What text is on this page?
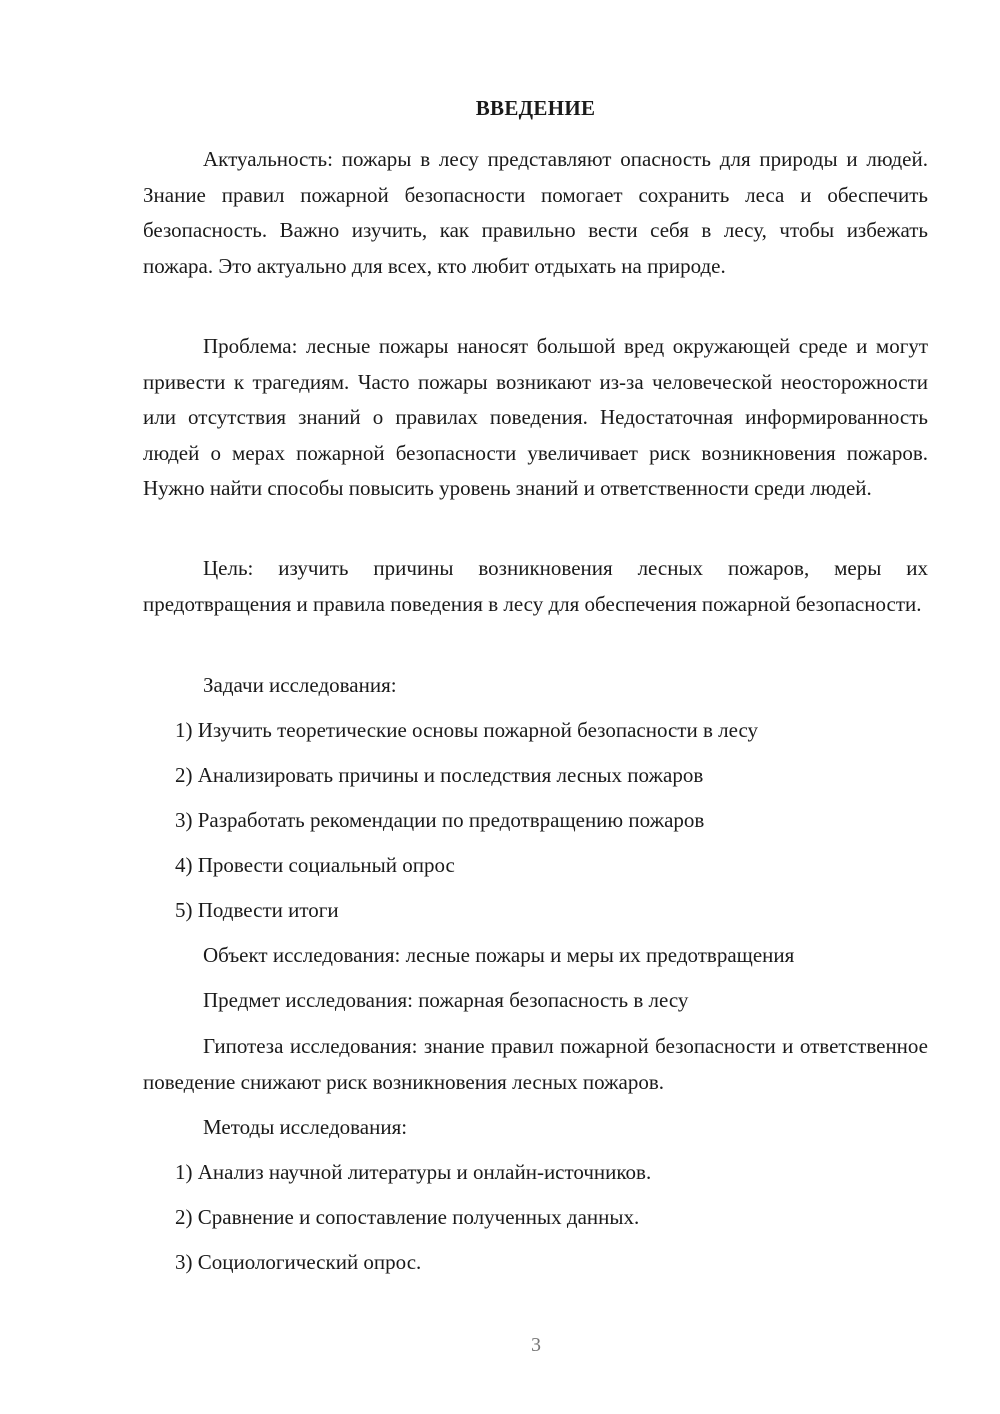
ВВЕДЕНИЕ

Актуальность: пожары в лесу представляют опасность для природы и людей. Знание правил пожарной безопасности помогает сохранить леса и обеспечить безопасность. Важно изучить, как правильно вести себя в лесу, чтобы избежать пожара. Это актуально для всех, кто любит отдыхать на природе.

Проблема: лесные пожары наносят большой вред окружающей среде и могут привести к трагедиям. Часто пожары возникают из-за человеческой неосторожности или отсутствия знаний о правилах поведения. Недостаточная информированность людей о мерах пожарной безопасности увеличивает риск возникновения пожаров. Нужно найти способы повысить уровень знаний и ответственности среди людей.

Цель: изучить причины возникновения лесных пожаров, меры их предотвращения и правила поведения в лесу для обеспечения пожарной безопасности.

Задачи исследования:
1) Изучить теоретические основы пожарной безопасности в лесу
2) Анализировать причины и последствия лесных пожаров
3) Разработать рекомендации по предотвращению пожаров
4) Провести социальный опрос
5) Подвести итоги
Объект исследования: лесные пожары и меры их предотвращения
Предмет исследования: пожарная безопасность в лесу

Гипотеза исследования: знание правил пожарной безопасности и ответственное поведение снижают риск возникновения лесных пожаров.

Методы исследования:
1) Анализ научной литературы и онлайн-источников.
2) Сравнение и сопоставление полученных данных.
3) Социологический опрос.
3
